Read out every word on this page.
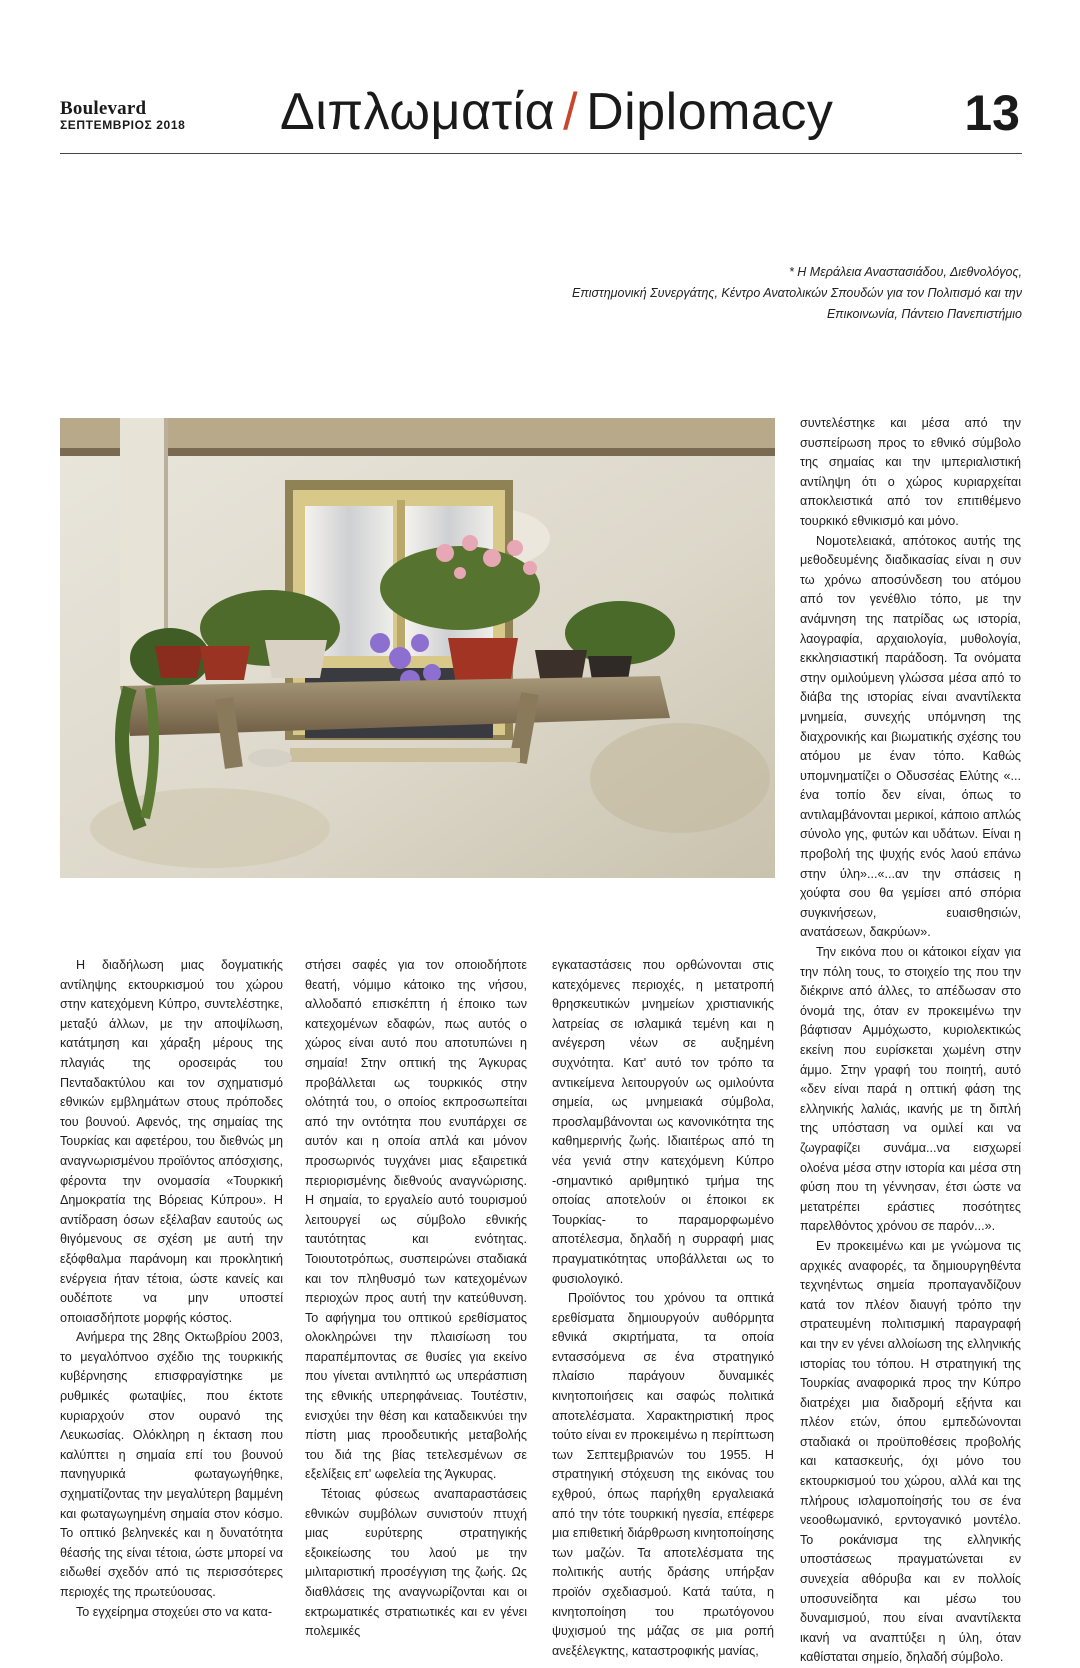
Boulevard
ΣΕΠΤΕΜΒΡΙΟΣ 2018 Διπλωματία / Diplomacy	13
* Η Μεράλεια Αναστασιάδου, Διεθνολόγος,
Επιστημονική Συνεργάτης, Κέντρο Ανατολικών Σπουδών για τον Πολιτισμό και την
Επικοινωνία, Πάντειο Πανεπιστήμιο

Η διαδήλωση μιας δογματικής αντίληψης εκτουρκισμού του χώρου στην κατεχόμενη Κύπρο, συντελέστηκε, μεταξύ άλλων, με την αποψίλωση, κατάτμηση και χάραξη μέρους της πλαγιάς της οροσειράς του Πενταδακτύλου και τον σχηματισμό εθνικών εμβλημάτων στους πρόποδες του βουνού. Αφενός, της σημαίας της Τουρκίας και αφετέρου, του διεθνώς μη αναγνωρισμένου προϊόντος απόσχισης, φέροντα την ονομασία «Τουρκική Δημοκρατία της Βόρειας Κύπρου». Η αντίδραση όσων εξέλαβαν εαυτούς ως θιγόμενους σε σχέση με αυτή την εξόφθαλμα παράνομη και προκλητική ενέργεια ήταν τέτοια, ώστε κανείς και ουδέποτε να μην υποστεί οποιασδήποτε μορφής κόστος.

Ανήμερα της 28ης Οκτωβρίου 2003, το μεγαλόπνοο σχέδιο της τουρκικής κυβέρνησης επισφραγίστηκε με ρυθμικές φωταψίες, που έκτοτε κυριαρχούν στον ουρανό της Λευκωσίας. Ολόκληρη η έκταση που καλύπτει η σημαία επί του βουνού πανηγυρικά φωταγωγήθηκε, σχηματίζοντας την μεγαλύτερη βαμμένη και φωταγωγημένη σημαία στον κόσμο. Το οπτικό βεληνεκές και η δυνατότητα θέασής της είναι τέτοια, ώστε μπορεί να ειδωθεί σχεδόν από τις περισσότερες περιοχές της πρωτεύουσας.

Το εγχείρημα στοχεύει στο να κατα-

στήσει σαφές για τον οποιοδήποτε θεατή, νόμιμο κάτοικο της νήσου, αλλοδαπό επισκέπτη ή έποικο των κατεχομένων εδαφών, πως αυτός ο χώρος είναι αυτό που αποτυπώνει η σημαία! Στην οπτική της Άγκυρας προβάλλεται ως τουρκικός στην ολότητά του, ο οποίος εκπροσωπείται από την οντότητα που ενυπάρχει σε αυτόν και η οποία απλά και μόνον προσωρινός τυγχάνει μιας εξαιρετικά περιορισμένης διεθνούς αναγνώρισης. Η σημαία, το εργαλείο αυτό τουρισμού λειτουργεί ως σύμβολο εθνικής ταυτότητας και ενότητας. Τοιουτοτρόπως, συσπειρώνει σταδιακά και τον πληθυσμό των κατεχομένων περιοχών προς αυτή την κατεύθυνση. Το αφήγημα του οπτικού ερεθίσματος ολοκληρώνει την πλαισίωση του παραπέμποντας σε θυσίες για εκείνο που γίνεται αντιληπτό ως υπεράσπιση της εθνικής υπερηφάνειας. Τουτέστιν, ενισχύει την θέση και καταδεικνύει την πίστη μιας προοδευτικής μεταβολής του διά της βίας τετελεσμένων σε εξελίξεις επ' ωφελεία της Άγκυρας.

Τέτοιας φύσεως αναπαραστάσεις εθνικών συμβόλων συνιστούν πτυχή μιας ευρύτερης στρατηγικής εξοικείωσης του λαού με την μιλιταριστική προσέγγιση της ζωής. Ως διαθλάσεις της αναγνωρίζονται και οι εκτρωματικές στρατιωτικές και εν γένει πολεμικές

εγκαταστάσεις που ορθώνονται στις κατεχόμενες περιοχές, η μετατροπή θρησκευτικών μνημείων χριστιανικής λατρείας σε ισλαμικά τεμένη και η ανέγερση νέων σε αυξημένη συχνότητα. Κατ' αυτό τον τρόπο τα αντικείμενα λειτουργούν ως ομιλούντα σημεία, ως μνημειακά σύμβολα, προσλαμβάνονται ως κανονικότητα της καθημερινής ζωής. Ιδιαιτέρως από τη νέα γενιά στην κατεχόμενη Κύπρο -σημαντικό αριθμητικό τμήμα της οποίας αποτελούν οι έποικοι εκ Τουρκίας- το παραμορφωμένο αποτέλεσμα, δηλαδή η συρραφή μιας πραγματικότητας υποβάλλεται ως το φυσιολογικό.

Προϊόντος του χρόνου τα οπτικά ερεθίσματα δημιουργούν αυθόρμητα εθνικά σκιρτήματα, τα οποία εντασσόμενα σε ένα στρατηγικό πλαίσιο παράγουν δυναμικές κινητοποιήσεις και σαφώς πολιτικά αποτελέσματα. Χαρακτηριστική προς τούτο είναι εν προκειμένω η περίπτωση των Σεπτεμβριανών του 1955. Η στρατηγική στόχευση της εικόνας του εχθρού, όπως παρήχθη εργαλειακά από την τότε τουρκική ηγεσία, επέφερε μια επιθετική διάρθρωση κινητοποίησης των μαζών. Τα αποτελέσματα της πολιτικής αυτής δράσης υπήρξαν προϊόν σχεδιασμού. Κατά ταύτα, η κινητοποίηση του πρωτόγονου ψυχισμού της μάζας σε μια ροπή ανεξέλεγκτης, καταστροφικής μανίας,

συντελέστηκε και μέσα από την συσπείρωση προς το εθνικό σύμβολο της σημαίας και την ιμπεριαλιστική αντίληψη ότι ο χώρος κυριαρχείται αποκλειστικά από τον επιτιθέμενο τουρκικό εθνικισμό και μόνο.

Νομοτελειακά, απότοκος αυτής της μεθοδευμένης διαδικασίας είναι η συν τω χρόνω αποσύνδεση του ατόμου από τον γενέθλιο τόπο, με την ανάμνηση της πατρίδας ως ιστορία, λαογραφία, αρχαιολογία, μυθολογία, εκκλησιαστική παράδοση. Τα ονόματα στην ομιλούμενη γλώσσα μέσα από το διάβα της ιστορίας είναι αναντίλεκτα μνημεία, συνεχής υπόμνηση της διαχρονικής και βιωματικής σχέσης του ατόμου με έναν τόπο. Καθώς υπομνηματίζει ο Οδυσσέας Ελύτης «... ένα τοπίο δεν είναι, όπως το αντιλαμβάνονται μερικοί, κάποιο απλώς σύνολο γης, φυτών και υδάτων. Είναι η προβολή της ψυχής ενός λαού επάνω στην ύλη»...«...αν την σπάσεις η χούφτα σου θα γεμίσει από σπόρια συγκινήσεων, ευαισθησιών, ανατάσεων, δακρύων».

Την εικόνα που οι κάτοικοι είχαν για την πόλη τους, το στοιχείο της που την διέκρινε από άλλες, το απέδωσαν στο όνομά της, όταν εν προκειμένω την βάφτισαν Αμμόχωστο, κυριολεκτικώς εκείνη που ευρίσκεται χωμένη στην άμμο. Στην γραφή του ποιητή, αυτό «δεν είναι παρά η οπτική φάση της ελληνικής λαλιάς, ικανής με τη διπλή της υπόσταση να ομιλεί και να ζωγραφίζει συνάμα...να εισχωρεί ολοένα μέσα στην ιστορία και μέσα στη φύση που τη γέννησαν, έτσι ώστε να μετατρέπει εράστιες ποσότητες παρελθόντος χρόνου σε παρόν...».

Εν προκειμένω και με γνώμονα τις αρχικές αναφορές, τα δημιουργηθέντα τεχνηέντως σημεία προπαγανδίζουν κατά τον πλέον διαυγή τρόπο την στρατευμένη πολιτισμική παραγραφή και την εν γένει αλλοίωση της ελληνικής ιστορίας του τόπου. Η στρατηγική της Τουρκίας αναφορικά προς την Κύπρο διατρέχει μια διαδρομή εξήντα και πλέον ετών, όπου εμπεδώνονται σταδιακά οι προϋποθέσεις προβολής και κατασκευής, όχι μόνο του εκτουρκισμού του χώρου, αλλά και της πλήρους ισλαμοποίησής του σε ένα νεοοθωμανικό, ερντογανικό μοντέλο. Το ροκάνισμα της ελληνικής υποστάσεως πραγματώνεται εν συνεχεία αθόρυβα και εν πολλοίς υποσυνείδητα και μέσω του δυναμισμού, που είναι αναντίλεκτα ικανή να αναπτύξει η ύλη, όταν καθίσταται σημείο, δηλαδή σύμβολο.
